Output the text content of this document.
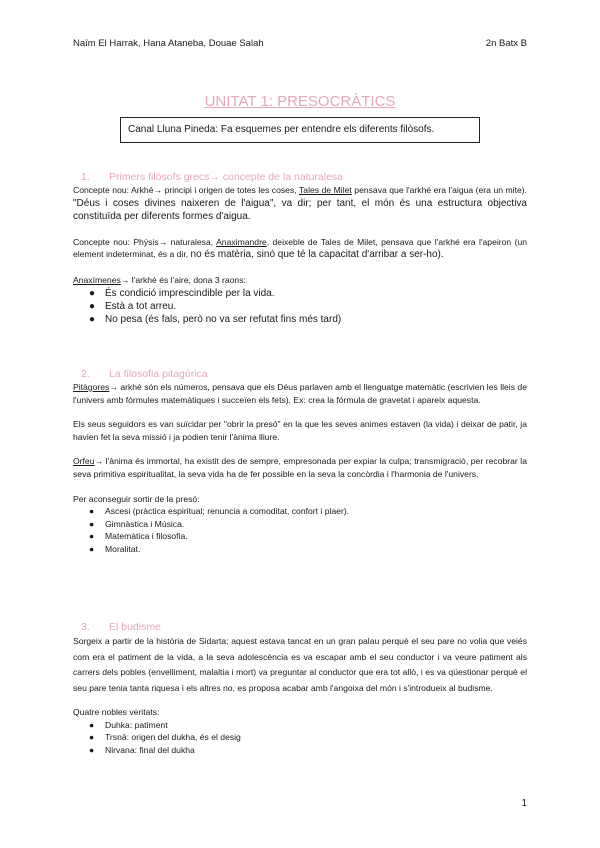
Naïm El Harrak, Hana Ataneba, Douae Salah	2n Batx B
UNITAT 1: PRESOCRÀTICS
Canal Lluna Pineda: Fa esquemes per entendre els diferents filòsofs.
1. Primers filòsofs grecs→ concepte de la naturalesa

Concepte nou: Arkhé→ principi i origen de totes les coses, Tales de Milet pensava que l'arkhé era l'aigua (era un mite). "Déus i coses divines naixeren de l'aigua", va dir; per tant, el món és una estructura objectiva constituïda per diferents formes d'aigua.

Concepte nou: Phýsis→ naturalesa, Anaximandre, deixeble de Tales de Milet, pensava que l'arkhé era l'apeiron (un element indeterminat, és a dir, no és matèria, sinó que té la capacitat d'arribar a ser-ho).

Anaxímenes→ l'arkhé és l'aire, dona 3 raons:

● És condició imprescindible per la vida.
● Està a tot arreu.
● No pesa (és fals, però no va ser refutat fins més tard)
2. La filosofia pitagòrica

Pitàgores→ arkhé són els números, pensava que els Déus parlaven amb el llenguatge matemàtic (escrivien les lleis de l'univers amb fórmules matemàtiques i succeïen els fets). Ex: crea la fórmula de gravetat i apareix aquesta.

Els seus seguidors es van suïcidar per "obrir la presó" en la que les seves animes estaven (la vida) i deixar de patir, ja havien fet la seva missió i ja podien tenir l'ànima lliure.

Orfeu→ l'ànima és immortal, ha existit des de sempre, empresonada per expiar la culpa; transmigració, per recobrar la seva primitiva espiritualitat, la seva vida ha de fer possible en la seva la concòrdia i l'harmonia de l'univers.

Per aconseguir sortir de la presó:

● Ascesi (pràctica espiritual; renuncia a comoditat, confort i plaer).
● Gimnàstica i Música.
● Matemàtica i filosofia.
● Moralitat.
3. El budisme

Sorgeix a partir de la història de Sidarta; aquest estava tancat en un gran palau perquè el seu pare no volia que veiés com era el patiment de la vida, a la seva adolescència es va escapar amb el seu conductor i va veure patiment als carrers dels pobles (envelliment, malaltia i mort) va preguntar al conductor que era tot allò, i es va qüestionar perquè el seu pare tenia tanta riquesa i els altres no, es proposa acabar amb l'angoixa del món i s'introdueix al budisme.

Quatre nobles veritats:

● Duhka: patiment
● Trsnä: origen del dukha, és el desig
● Nirvana: final del dukha
1
